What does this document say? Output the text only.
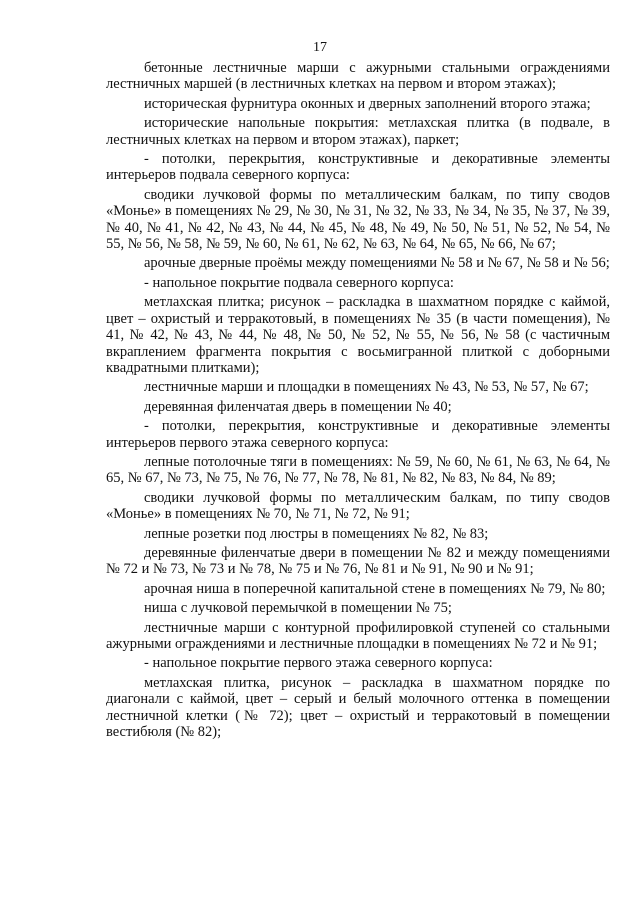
17

бетонные лестничные марши с ажурными стальными ограждениями лестничных маршей (в лестничных клетках на первом и втором этажах);

историческая фурнитура оконных и дверных заполнений второго этажа;

исторические напольные покрытия: метлахская плитка (в подвале, в лестничных клетках на первом и втором этажах), паркет;

- потолки, перекрытия, конструктивные и декоративные элементы интерьеров подвала северного корпуса:

сводики лучковой формы по металлическим балкам, по типу сводов «Монье» в помещениях № 29, № 30, № 31, № 32, № 33, № 34, № 35, № 37, № 39, № 40, № 41, № 42, № 43, № 44, № 45, № 48, № 49, № 50, № 51, № 52, № 54, № 55, № 56, № 58, № 59, № 60, № 61, № 62, № 63, № 64, № 65, № 66, № 67;

арочные дверные проёмы между помещениями № 58 и № 67, № 58 и № 56;

- напольное покрытие подвала северного корпуса:

метлахская плитка; рисунок – раскладка в шахматном порядке с каймой, цвет – охристый и терракотовый, в помещениях № 35 (в части помещения), № 41, № 42, № 43, № 44, № 48, № 50, № 52, № 55, № 56, № 58 (с частичным вкраплением фрагмента покрытия с восьмигранной плиткой с доборными квадратными плитками);

лестничные марши и площадки в помещениях № 43, № 53, № 57, № 67;

деревянная филенчатая дверь в помещении № 40;

- потолки, перекрытия, конструктивные и декоративные элементы интерьеров первого этажа северного корпуса:

лепные потолочные тяги в помещениях: № 59, № 60, № 61, № 63, № 64, № 65, № 67, № 73, № 75, № 76, № 77, № 78, № 81, № 82, № 83, № 84, № 89;

сводики лучковой формы по металлическим балкам, по типу сводов «Монье» в помещениях № 70, № 71, № 72, № 91;

лепные розетки под люстры в помещениях № 82, № 83;

деревянные филенчатые двери в помещении № 82 и между помещениями № 72 и № 73, № 73 и № 78, № 75 и № 76, № 81 и № 91, № 90 и № 91;

арочная ниша в поперечной капитальной стене в помещениях № 79, № 80;

ниша с лучковой перемычкой в помещении № 75;

лестничные марши с контурной профилировкой ступеней со стальными ажурными ограждениями и лестничные площадки в помещениях № 72 и № 91;

- напольное покрытие первого этажа северного корпуса:

метлахская плитка, рисунок – раскладка в шахматном порядке по диагонали с каймой, цвет – серый и белый молочного оттенка в помещении лестничной клетки (№ 72); цвет – охристый и терракотовый в помещении вестибюля (№ 82);
